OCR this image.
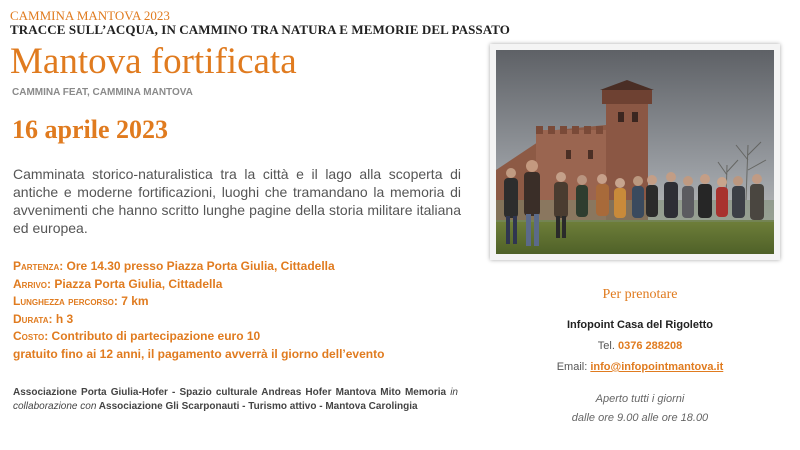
CAMMINA MANTOVA 2023
TRACCE SULL’ACQUA, IN CAMMINO TRA NATURA E MEMORIE DEL PASSATO
Mantova fortificata
CAMMINA FEAT, CAMMINA MANTOVA
16 aprile 2023
Camminata storico-naturalistica tra la città e il lago alla scoperta di antiche e moderne fortificazioni, luoghi che tramandano la memoria di avvenimenti che hanno scritto lunghe pagine della storia militare italiana ed europea.
Partenza: Ore 14.30 presso Piazza Porta Giulia, Cittadella
Arrivo: Piazza Porta Giulia, Cittadella
Lunghezza percorso: 7 km
Durata: h 3
Costo: Contributo di partecipazione euro 10
gratuito fino ai 12 anni, il pagamento avverrà il giorno dell’evento
Associazione Porta Giulia-Hofer - Spazio culturale Andreas Hofer Mantova Mito Memoria in collaborazione con Associazione Gli Scarponauti - Turismo attivo - Mantova Carolingia
Per prenotare
Infopoint Casa del Rigoletto
Tel. 0376 288208
Email: info@infopointmantova.it
Aperto tutti i giorni
dalle ore 9.00 alle ore 18.00
